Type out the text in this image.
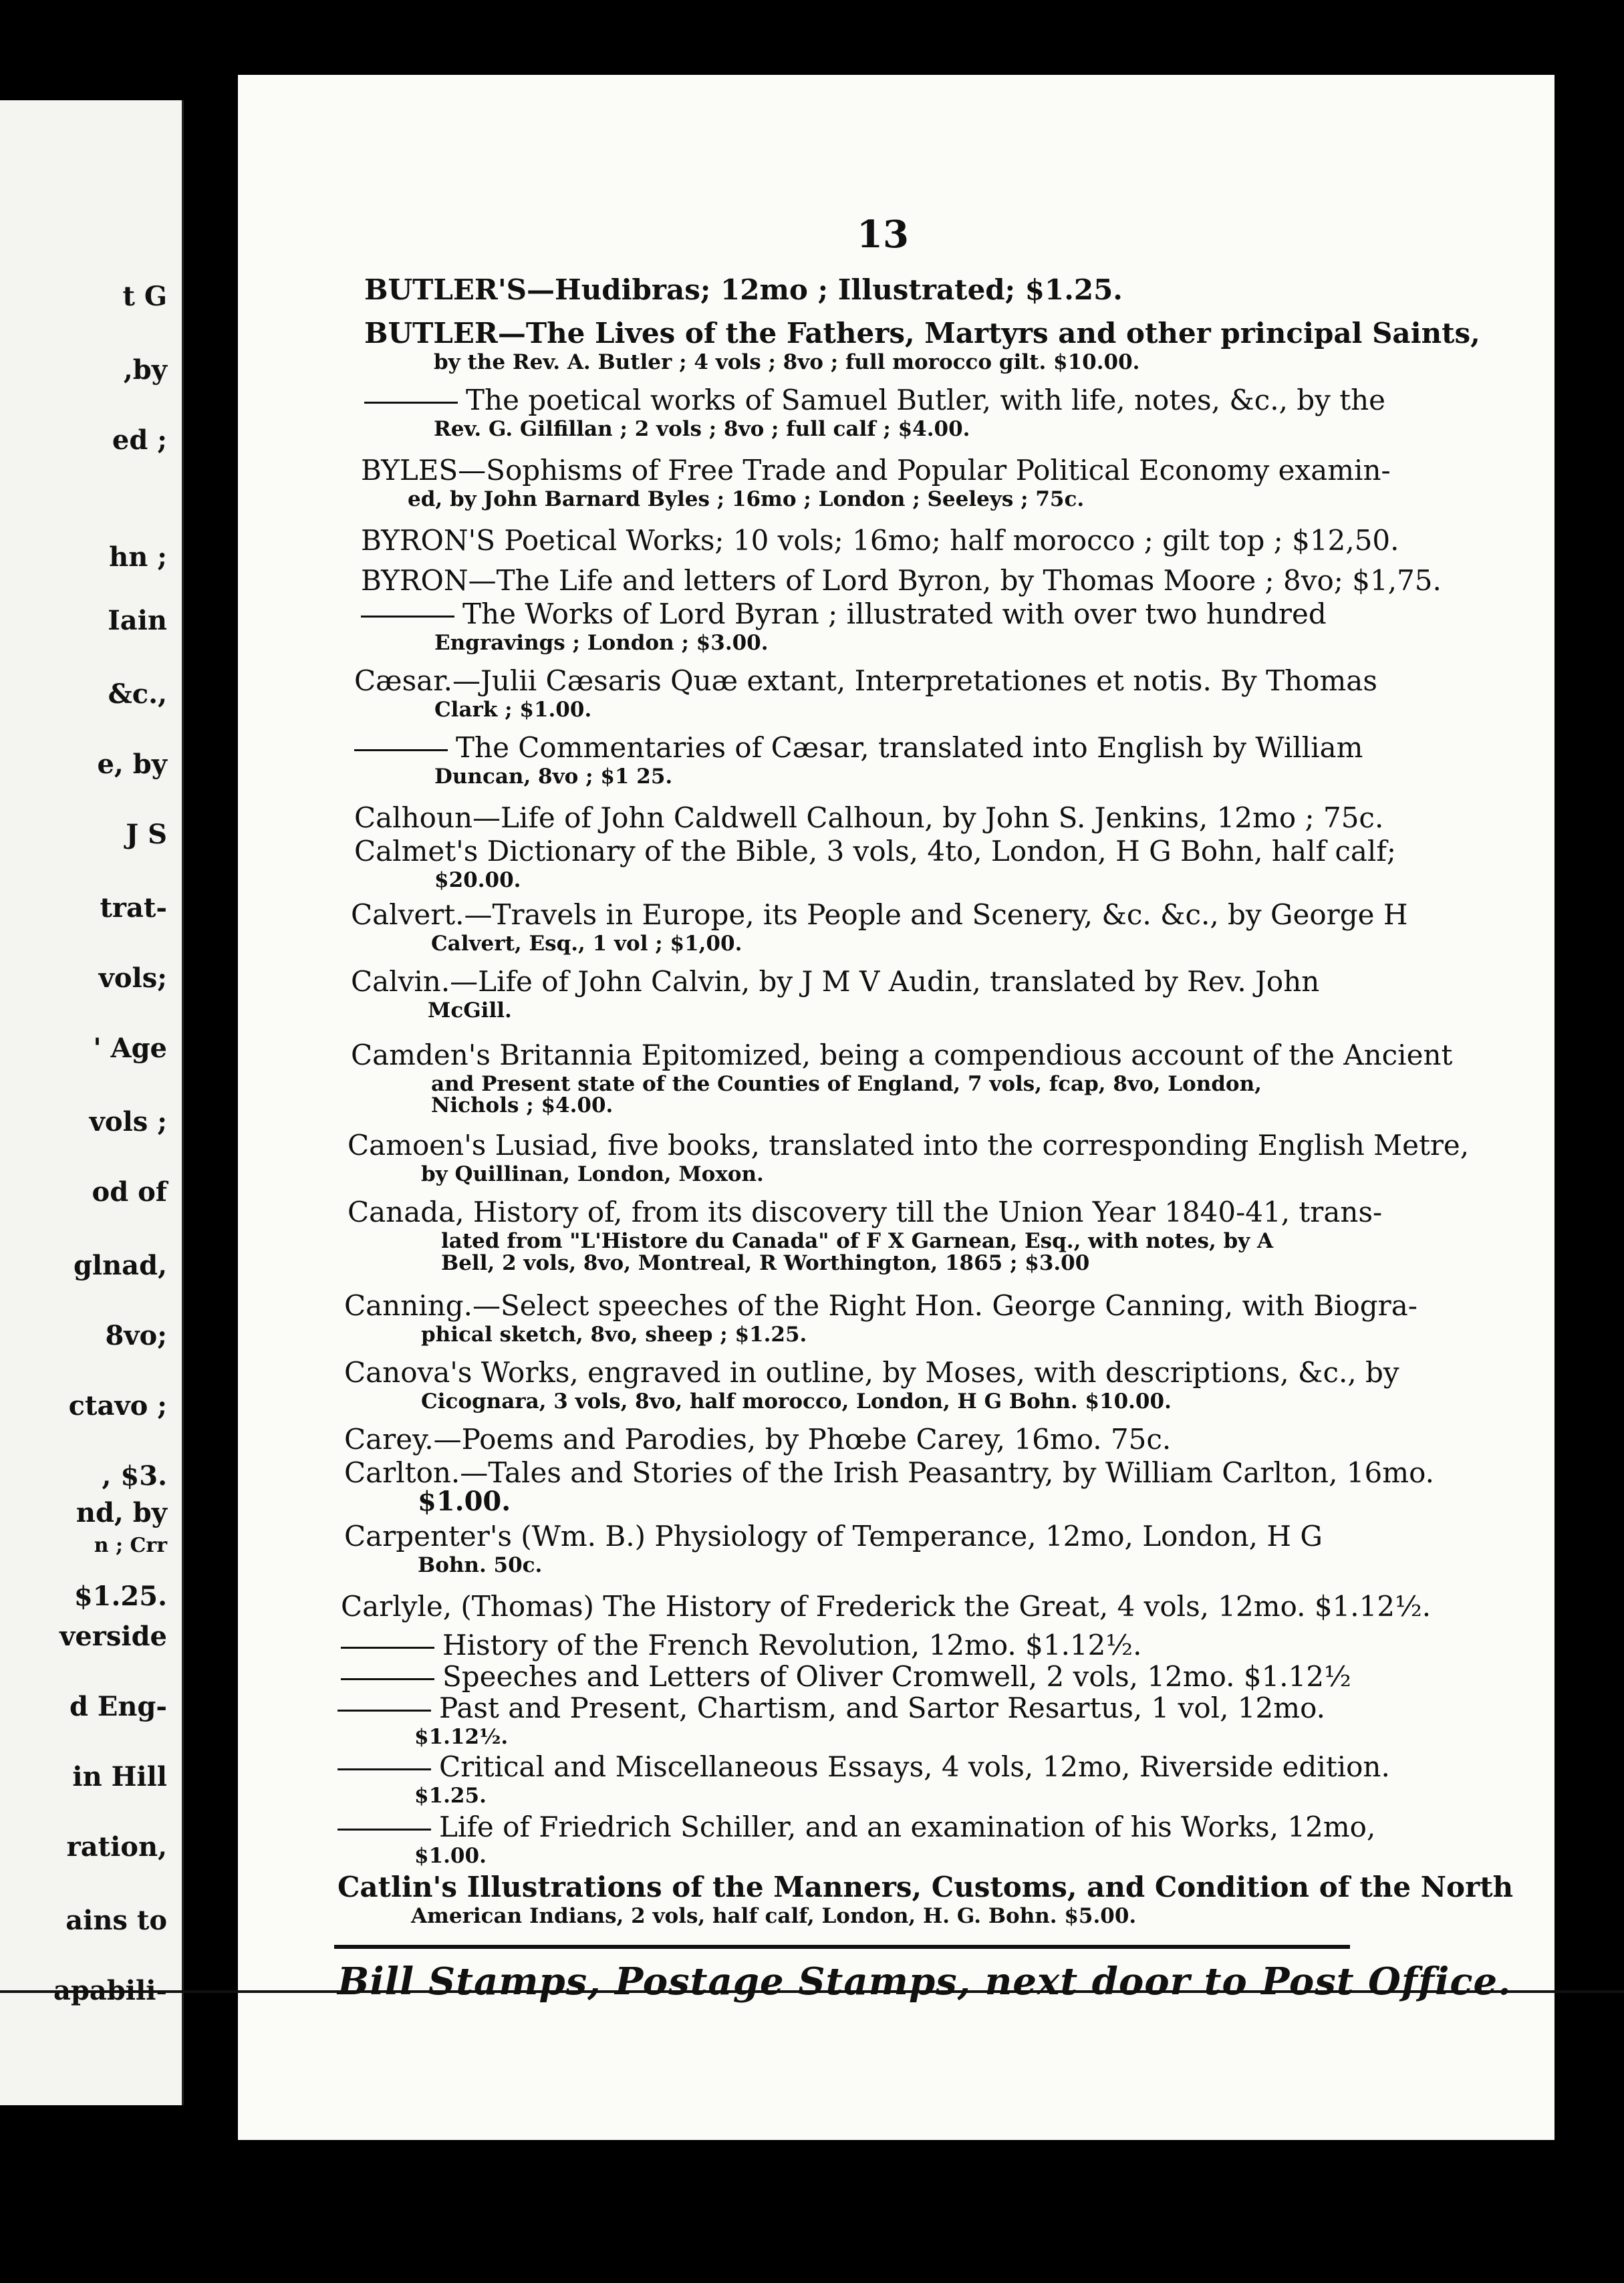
t G
,by
ed ;
hn ;
Iain
&c.,
e, by
J S
trat-
vols;
' Age
vols ;
od of
glnad,
8vo;
ctavo ;
, $3.
nd, by
n ; Crr
$1.25.
verside
d Eng-
in Hill
ration,
ains to
apabili-
13
BUTLER'S—Hudibras; 12mo ; Illustrated; $1.25.
BUTLER—The Lives of the Fathers, Martyrs and other principal Saints,
by the Rev. A. Butler ; 4 vols ; 8vo ; full morocco gilt. $10.00.
The poetical works of Samuel Butler, with life, notes, &c., by the
Rev. G. Gilfillan ; 2 vols ; 8vo ; full calf ; $4.00.
BYLES—Sophisms of Free Trade and Popular Political Economy examin-
ed, by John Barnard Byles ; 16mo ; London ; Seeleys ; 75c.
BYRON'S Poetical Works; 10 vols; 16mo; half morocco ; gilt top ; $12,50.
BYRON—The Life and letters of Lord Byron, by Thomas Moore ; 8vo; $1,75.
The Works of Lord Byran ; illustrated with over two hundred
Engravings ; London ; $3.00.
Cæsar.—Julii Cæsaris Quæ extant, Interpretationes et notis. By Thomas
Clark ; $1.00.
The Commentaries of Cæsar, translated into English by William
Duncan, 8vo ; $1 25.
Calhoun—Life of John Caldwell Calhoun, by John S. Jenkins, 12mo ; 75c.
Calmet's Dictionary of the Bible, 3 vols, 4to, London, H G Bohn, half calf;
$20.00.
Calvert.—Travels in Europe, its People and Scenery, &c. &c., by George H
Calvert, Esq., 1 vol ; $1,00.
Calvin.—Life of John Calvin, by J M V Audin, translated by Rev. John
McGill.
Camden's Britannia Epitomized, being a compendious account of the Ancient
and Present state of the Counties of England, 7 vols, fcap, 8vo, London,
Nichols ; $4.00.
Camoen's Lusiad, five books, translated into the corresponding English Metre,
by Quillinan, London, Moxon.
Canada, History of, from its discovery till the Union Year 1840-41, trans-
lated from "L'Histore du Canada" of F X Garnean, Esq., with notes, by A
Bell, 2 vols, 8vo, Montreal, R Worthington, 1865 ; $3.00
Canning.—Select speeches of the Right Hon. George Canning, with Biogra-
phical sketch, 8vo, sheep ; $1.25.
Canova's Works, engraved in outline, by Moses, with descriptions, &c., by
Cicognara, 3 vols, 8vo, half morocco, London, H G Bohn. $10.00.
Carey.—Poems and Parodies, by Phœbe Carey, 16mo. 75c.
Carlton.—Tales and Stories of the Irish Peasantry, by William Carlton, 16mo.
$1.00.
Carpenter's (Wm. B.) Physiology of Temperance, 12mo, London, H G
Bohn. 50c.
Carlyle, (Thomas) The History of Frederick the Great, 4 vols, 12mo. $1.12½.
History of the French Revolution, 12mo. $1.12½.
Speeches and Letters of Oliver Cromwell, 2 vols, 12mo. $1.12½
Past and Present, Chartism, and Sartor Resartus, 1 vol, 12mo.
$1.12½.
Critical and Miscellaneous Essays, 4 vols, 12mo, Riverside edition.
$1.25.
Life of Friedrich Schiller, and an examination of his Works, 12mo,
$1.00.
Catlin's Illustrations of the Manners, Customs, and Condition of the North
American Indians, 2 vols, half calf, London, H. G. Bohn. $5.00.
Bill Stamps, Postage Stamps, next door to Post Office.
